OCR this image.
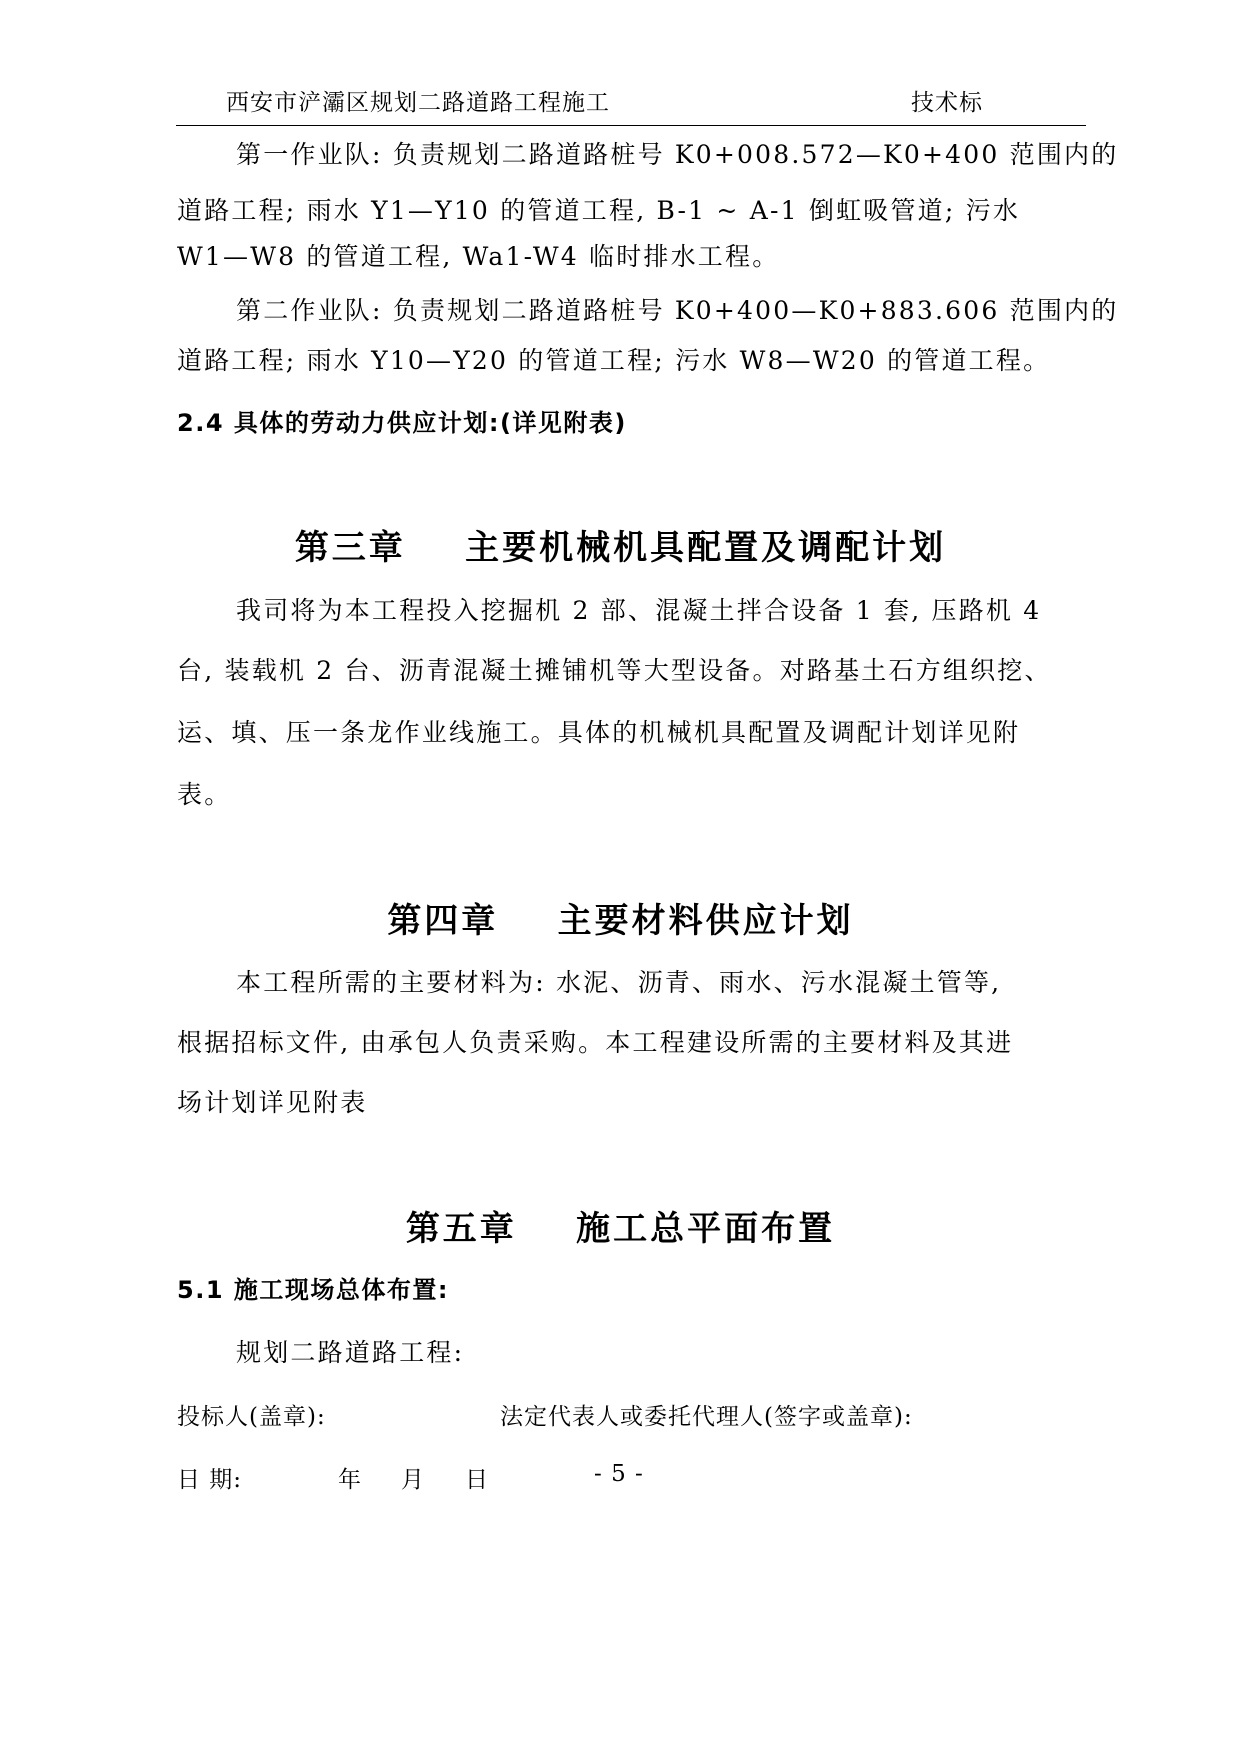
西安市浐灞区规划二路道路工程施工	技术标
第一作业队: 负责规划二路道路桩号 K0+008.572—K0+400 范围内的
道路工程; 雨水 Y1—Y10 的管道工程, B-1 ~ A-1 倒虹吸管道; 污水
W1—W8 的管道工程, Wa1-W4 临时排水工程。
第二作业队: 负责规划二路道路桩号 K0+400—K0+883.606 范围内的
道路工程; 雨水 Y10—Y20 的管道工程; 污水 W8—W20 的管道工程。
2.4 具体的劳动力供应计划:(详见附表)
第三章    主要机械机具配置及调配计划
我司将为本工程投入挖掘机 2 部、混凝土拌合设备 1 套, 压路机 4
台, 装载机 2 台、沥青混凝土摊铺机等大型设备。对路基土石方组织挖、
运、填、压一条龙作业线施工。具体的机械机具配置及调配计划详见附
表。
第四章    主要材料供应计划
本工程所需的主要材料为: 水泥、沥青、雨水、污水混凝土管等,
根据招标文件, 由承包人负责采购。本工程建设所需的主要材料及其进
场计划详见附表
第五章    施工总平面布置
5.1 施工现场总体布置:
规划二路道路工程:
投标人(盖章):	法定代表人或委托代理人(签字或盖章):
日 期:	年 月 日	- 5 -
